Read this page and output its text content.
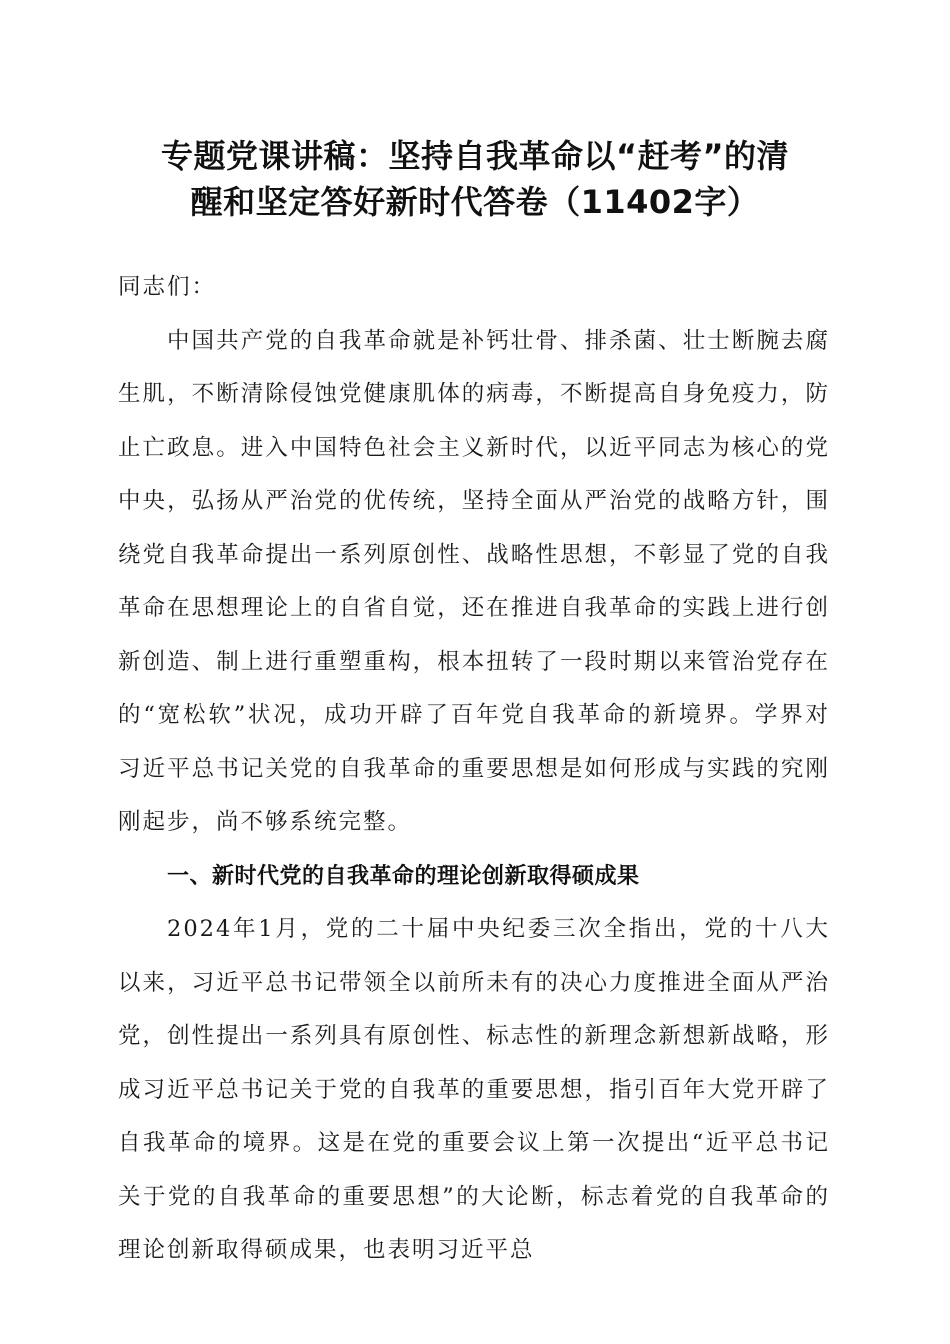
专题党课讲稿：坚持自我革命以“赶考”的清
醒和坚定答好新时代答卷（11402字）

同志们：

中国共产党的自我革命就是补钙壮骨、排杀菌、壮士断腕去腐生肌，不断清除侵蚀党健康肌体的病毒，不断提高自身免疫力，防止亡政息。进入中国特色社会主义新时代，以近平同志为核心的党中央，弘扬从严治党的优传统，坚持全面从严治党的战略方针，围绕党自我革命提出一系列原创性、战略性思想，不彰显了党的自我革命在思想理论上的自省自觉，还在推进自我革命的实践上进行创新创造、制上进行重塑重构，根本扭转了一段时期以来管治党存在的“宽松软”状况，成功开辟了百年党自我革命的新境界。学界对习近平总书记关党的自我革命的重要思想是如何形成与实践的究刚刚起步，尚不够系统完整。

一、新时代党的自我革命的理论创新取得硕成果

2024年1月，党的二十届中央纪委三次全指出，党的十八大以来，习近平总书记带领全以前所未有的决心力度推进全面从严治党，创性提出一系列具有原创性、标志性的新理念新想新战略，形成习近平总书记关于党的自我革的重要思想，指引百年大党开辟了自我革命的境界。这是在党的重要会议上第一次提出“近平总书记关于党的自我革命的重要思想”的大论断，标志着党的自我革命的理论创新取得硕成果，也表明习近平总
